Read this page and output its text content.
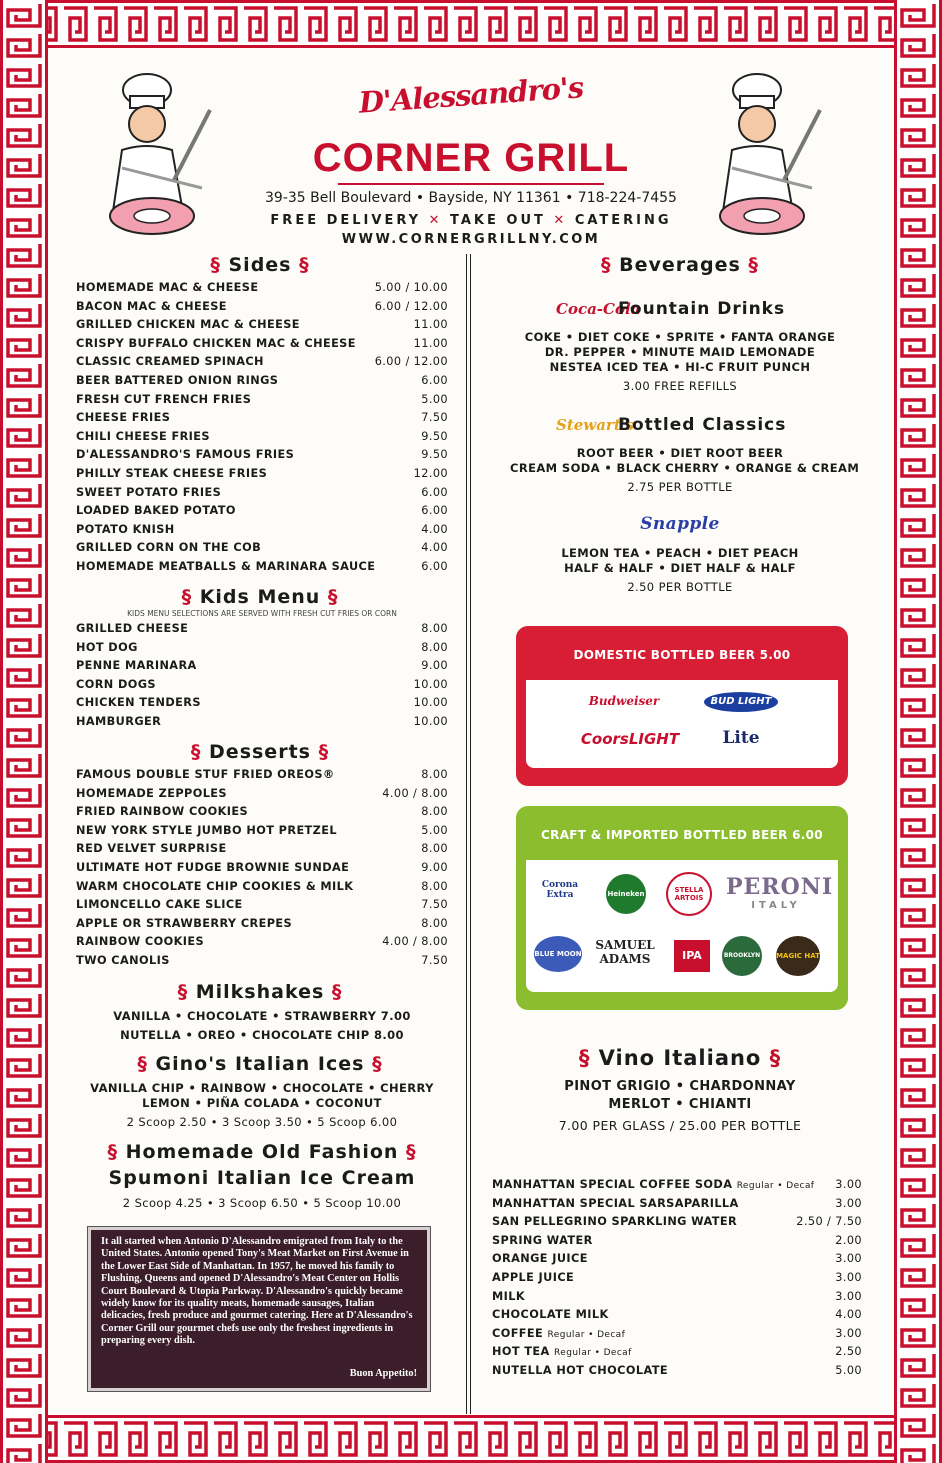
D'Alessandro's
CORNER GRILL
39-35 Bell Boulevard • Bayside, NY 11361 • 718-224-7455
FREE DELIVERY ✕ TAKE OUT ✕ CATERING
WWW.CORNERGRILLNY.COM
§ Sides §
HOMEMADE MAC & CHEESE	5.00 / 10.00
BACON MAC & CHEESE	6.00 / 12.00
GRILLED CHICKEN MAC & CHEESE	11.00
CRISPY BUFFALO CHICKEN MAC & CHEESE	11.00
CLASSIC CREAMED SPINACH	6.00 / 12.00
BEER BATTERED ONION RINGS	6.00
FRESH CUT FRENCH FRIES	5.00
CHEESE FRIES	7.50
CHILI CHEESE FRIES	9.50
D'ALESSANDRO'S FAMOUS FRIES	9.50
PHILLY STEAK CHEESE FRIES	12.00
SWEET POTATO FRIES	6.00
LOADED BAKED POTATO	6.00
POTATO KNISH	4.00
GRILLED CORN ON THE COB	4.00
HOMEMADE MEATBALLS & MARINARA SAUCE	6.00
§ Kids Menu §
KIDS MENU SELECTIONS ARE SERVED WITH FRESH CUT FRIES OR CORN
GRILLED CHEESE	8.00
HOT DOG	8.00
PENNE MARINARA	9.00
CORN DOGS	10.00
CHICKEN TENDERS	10.00
HAMBURGER	10.00
§ Desserts §
FAMOUS DOUBLE STUF FRIED OREOS®	8.00
HOMEMADE ZEPPOLES	4.00 / 8.00
FRIED RAINBOW COOKIES	8.00
NEW YORK STYLE JUMBO HOT PRETZEL	5.00
RED VELVET SURPRISE	8.00
ULTIMATE HOT FUDGE BROWNIE SUNDAE	9.00
WARM CHOCOLATE CHIP COOKIES & MILK	8.00
LIMONCELLO CAKE SLICE	7.50
APPLE OR STRAWBERRY CREPES	8.00
RAINBOW COOKIES	4.00 / 8.00
TWO CANOLIS	7.50
§ Milkshakes §
VANILLA • CHOCOLATE • STRAWBERRY 7.00
NUTELLA • OREO • CHOCOLATE CHIP 8.00
§ Gino's Italian Ices §
VANILLA CHIP • RAINBOW • CHOCOLATE • CHERRY
LEMON • PIÑA COLADA • COCONUT
2 Scoop 2.50 • 3 Scoop 3.50 • 5 Scoop 6.00
§ Homemade Old Fashion §
Spumoni Italian Ice Cream
2 Scoop 4.25 • 3 Scoop 6.50 • 5 Scoop 10.00
It all started when Antonio D'Alessandro emigrated from Italy to the United States. Antonio opened Tony's Meat Market on First Avenue in the Lower East Side of Manhattan. In 1957, he moved his family to Flushing, Queens and opened D'Alessandro's Meat Center on Hollis Court Boulevard & Utopia Parkway. D'Alessandro's quickly became widely know for its quality meats, homemade sausages, Italian delicacies, fresh produce and gourmet catering. Here at D'Alessandro's Corner Grill our gourmet chefs use only the freshest ingredients in preparing every dish.
Buon Appetito!
§ Beverages §
Coca-Cola
Fountain Drinks
COKE • DIET COKE • SPRITE • FANTA ORANGE
DR. PEPPER • MINUTE MAID LEMONADE
NESTEA ICED TEA • HI-C FRUIT PUNCH
3.00 FREE REFILLS
Stewart's
Bottled Classics
ROOT BEER • DIET ROOT BEER
CREAM SODA • BLACK CHERRY • ORANGE & CREAM
2.75 PER BOTTLE
Snapple
LEMON TEA • PEACH • DIET PEACH
HALF & HALF • DIET HALF & HALF
2.50 PER BOTTLE
DOMESTIC BOTTLED BEER 5.00
Budweiser	BUD LIGHT
CoorsLIGHT	Lite
CRAFT & IMPORTED BOTTLED BEER 6.00
Corona Extra	Heineken	STELLA ARTOIS	PERONI
ITALY
BLUE MOON
SAMUEL ADAMS	IPA	BROOKLYN MAGIC HAT
§ Vino Italiano §
PINOT GRIGIO • CHARDONNAY
MERLOT • CHIANTI
7.00 PER GLASS / 25.00 PER BOTTLE
MANHATTAN SPECIAL COFFEE SODA Regular • Decaf 3.00
MANHATTAN SPECIAL SARSAPARILLA	3.00
SAN PELLEGRINO SPARKLING WATER	2.50 / 7.50
SPRING WATER	2.00
ORANGE JUICE	3.00
APPLE JUICE	3.00
MILK	3.00
CHOCOLATE MILK	4.00
COFFEE Regular • Decaf	3.00
HOT TEA Regular • Decaf	2.50
NUTELLA HOT CHOCOLATE	5.00
